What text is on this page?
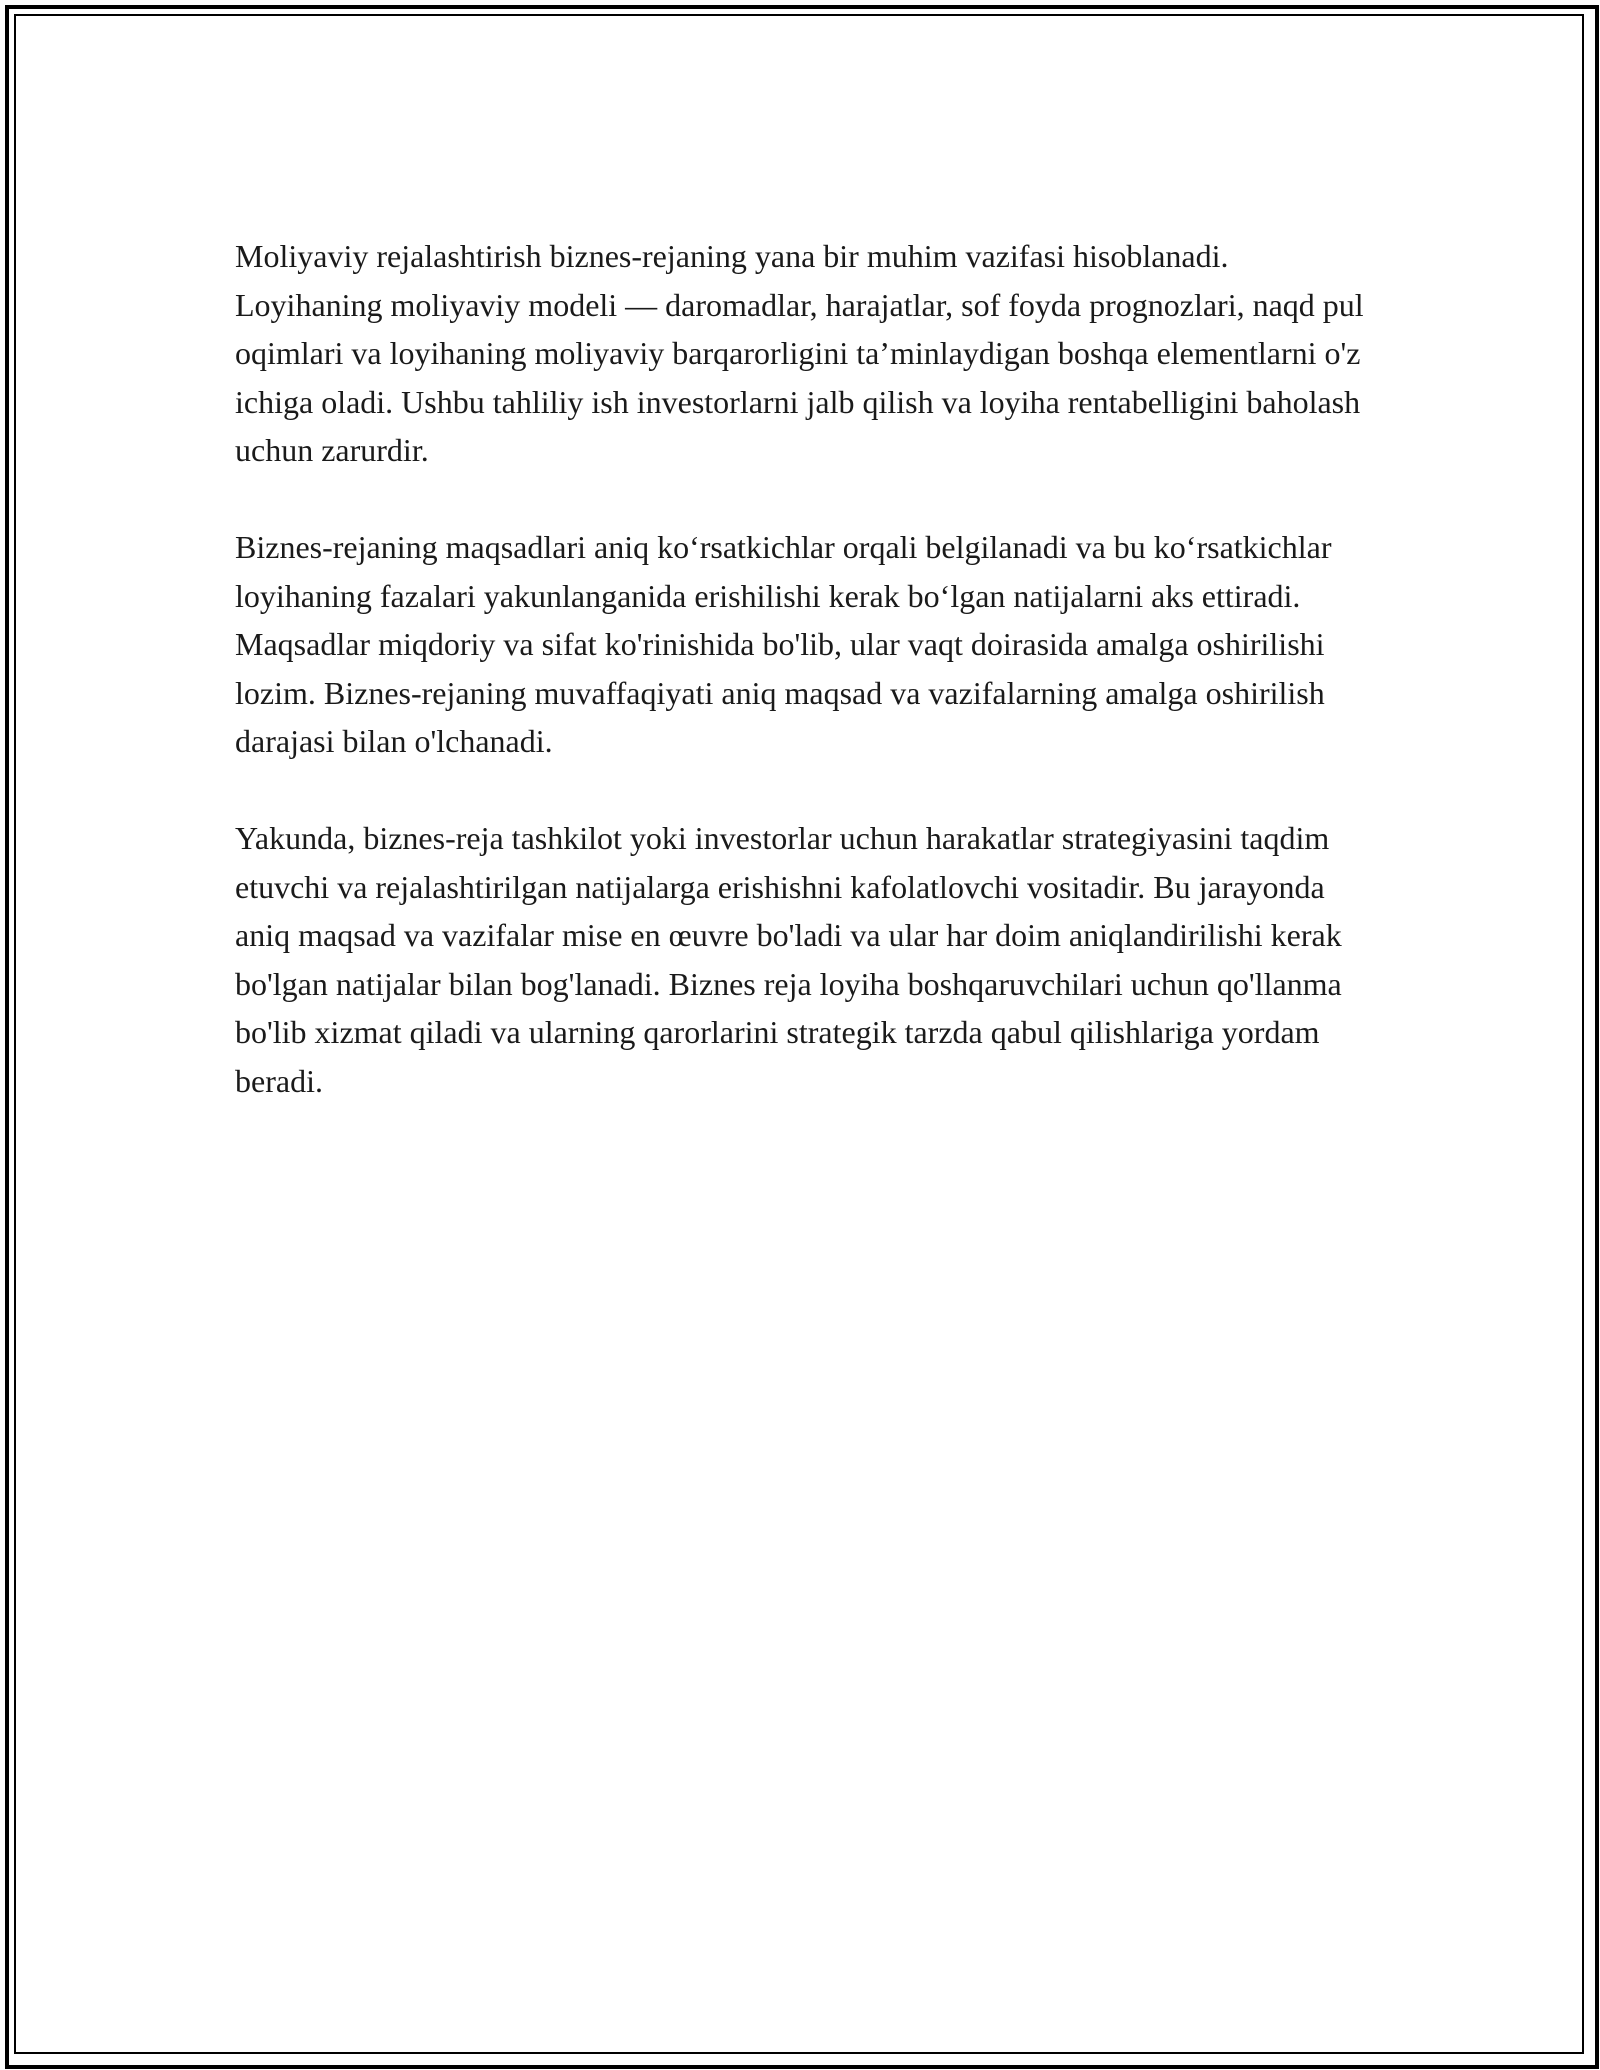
Moliyaviy rejalashtirish biznes-rejaning yana bir muhim vazifasi hisoblanadi. Loyihaning moliyaviy modeli — daromadlar, harajatlar, sof foyda prognozlari, naqd pul oqimlari va loyihaning moliyaviy barqarorligini ta’minlaydigan boshqa elementlarni o'z ichiga oladi. Ushbu tahliliy ish investorlarni jalb qilish va loyiha rentabelligini baholash uchun zarurdir.

Biznes-rejaning maqsadlari aniq koʻrsatkichlar orqali belgilanadi va bu koʻrsatkichlar loyihaning fazalari yakunlanganida erishilishi kerak boʻlgan natijalarni aks ettiradi. Maqsadlar miqdoriy va sifat ko'rinishida bo'lib, ular vaqt doirasida amalga oshirilishi lozim. Biznes-rejaning muvaffaqiyati aniq maqsad va vazifalarning amalga oshirilish darajasi bilan o'lchanadi.

Yakunda, biznes-reja tashkilot yoki investorlar uchun harakatlar strategiyasini taqdim etuvchi va rejalashtirilgan natijalarga erishishni kafolatlovchi vositadir. Bu jarayonda aniq maqsad va vazifalar mise en œuvre bo'ladi va ular har doim aniqlandirilishi kerak bo'lgan natijalar bilan bog'lanadi. Biznes reja loyiha boshqaruvchilari uchun qo'llanma bo'lib xizmat qiladi va ularning qarorlarini strategik tarzda qabul qilishlariga yordam beradi.
